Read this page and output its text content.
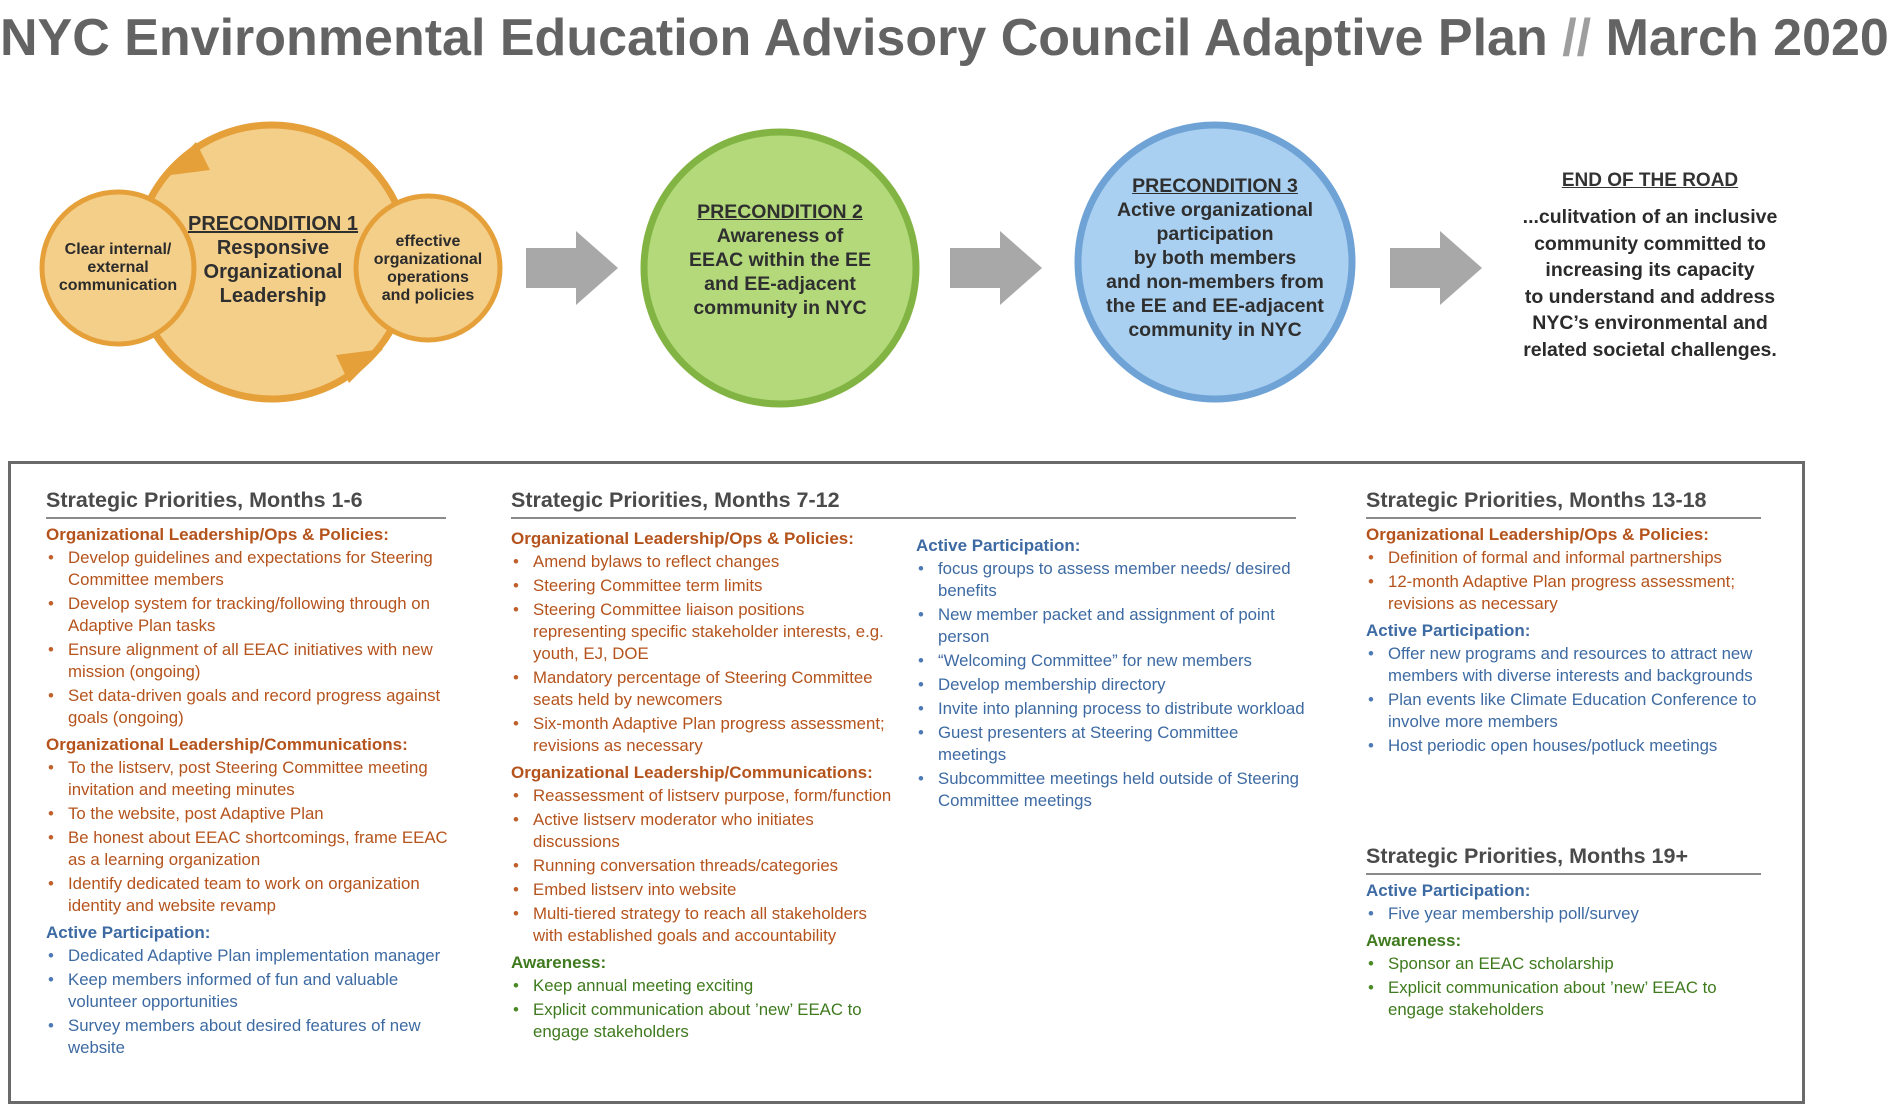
NYC Environmental Education Advisory Council Adaptive Plan // March 2020
PRECONDITION 1
Responsive
Organizational
Leadership
Clear internal/
external
communication
effective
organizational
operations
and policies
PRECONDITION 2
Awareness of
EEAC within the EE
and EE-adjacent
community in NYC
PRECONDITION 3
Active organizational
participation
by both members
and non-members from
the EE and EE-adjacent
community in NYC
END OF THE ROAD
...culitvation of an inclusive
community committed to
increasing its capacity
to understand and address
NYC’s environmental and
related societal challenges.
Strategic Priorities, Months 1-6
Organizational Leadership/Ops & Policies:
• Develop guidelines and expectations for Steering Committee members
• Develop system for tracking/following through on Adaptive Plan tasks
• Ensure alignment of all EEAC initiatives with new mission (ongoing)
• Set data-driven goals and record progress against goals (ongoing)
Organizational Leadership/Communications:
• To the listserv, post Steering Committee meeting invitation and meeting minutes
• To the website, post Adaptive Plan
• Be honest about EEAC shortcomings, frame EEAC as a learning organization
• Identify dedicated team to work on organization identity and website revamp
Active Participation:
• Dedicated Adaptive Plan implementation manager
• Keep members informed of fun and valuable volunteer opportunities
• Survey members about desired features of new website
Strategic Priorities, Months 7-12
Organizational Leadership/Ops & Policies:
• Amend bylaws to reflect changes
• Steering Committee term limits
• Steering Committee liaison positions representing specific stakeholder interests, e.g. youth, EJ, DOE
• Mandatory percentage of Steering Committee seats held by newcomers
• Six-month Adaptive Plan progress assessment; revisions as necessary
Organizational Leadership/Communications:
• Reassessment of listserv purpose, form/function
• Active listserv moderator who initiates discussions
• Running conversation threads/categories
• Embed listserv into website
• Multi-tiered strategy to reach all stakeholders with established goals and accountability
Awareness:
• Keep annual meeting exciting
• Explicit communication about ’new’ EEAC to engage stakeholders
Active Participation:
• focus groups to assess member needs/ desired benefits
• New member packet and assignment of point person
• “Welcoming Committee” for new members
• Develop membership directory
• Invite into planning process to distribute workload
• Guest presenters at Steering Committee meetings
• Subcommittee meetings held outside of Steering Committee meetings
Strategic Priorities, Months 13-18
Organizational Leadership/Ops & Policies:
• Definition of formal and informal partnerships
• 12-month Adaptive Plan progress assessment; revisions as necessary
Active Participation:
• Offer new programs and resources to attract new members with diverse interests and backgrounds
• Plan events like Climate Education Conference to involve more members
• Host periodic open houses/potluck meetings
Strategic Priorities, Months 19+
Active Participation:
• Five year membership poll/survey
Awareness:
• Sponsor an EEAC scholarship
• Explicit communication about ’new’ EEAC to engage stakeholders
